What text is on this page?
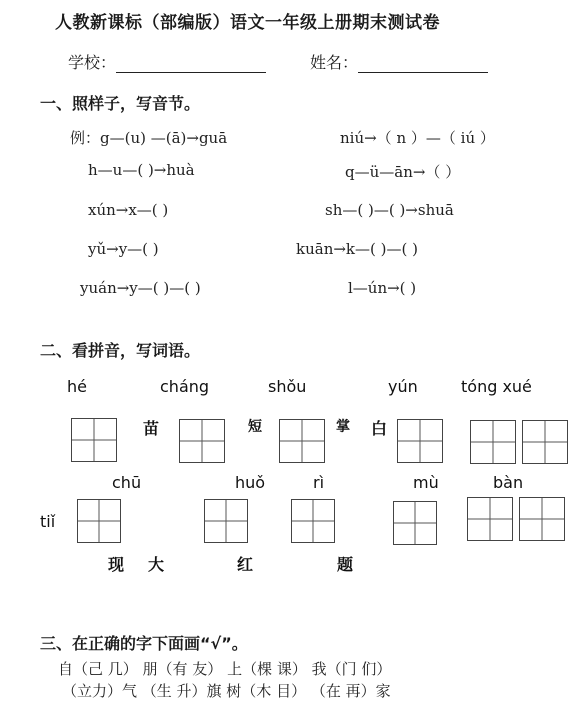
人教新课标（部编版）语文一年级上册期末测试卷
学校：	姓名：
一、照样子，写音节。
例：g—(u) —(ā)→guā	niú→（ n ）—（ iú ）
h—u—( )→huà	q—ü—ān→（ ）
xún→x—( )	sh—( )—( )→shuā
yǔ→y—( )	kuān→k—( )—( )
yuán→y—( )—( )	l—ún→( )
二、看拼音，写词语。
hé	cháng	shǒu	yún	tóng xué
苗	短	掌 白
chū	huǒ	rì	mù	bàn
tiǐ
现 大	红	题
三、在正确的字下面画“√”。
自（己 几） 朋（有 友） 上（棵 课） 我（门 们）
（立力）气 （生 升）旗 树（木 目） （在 再）家
